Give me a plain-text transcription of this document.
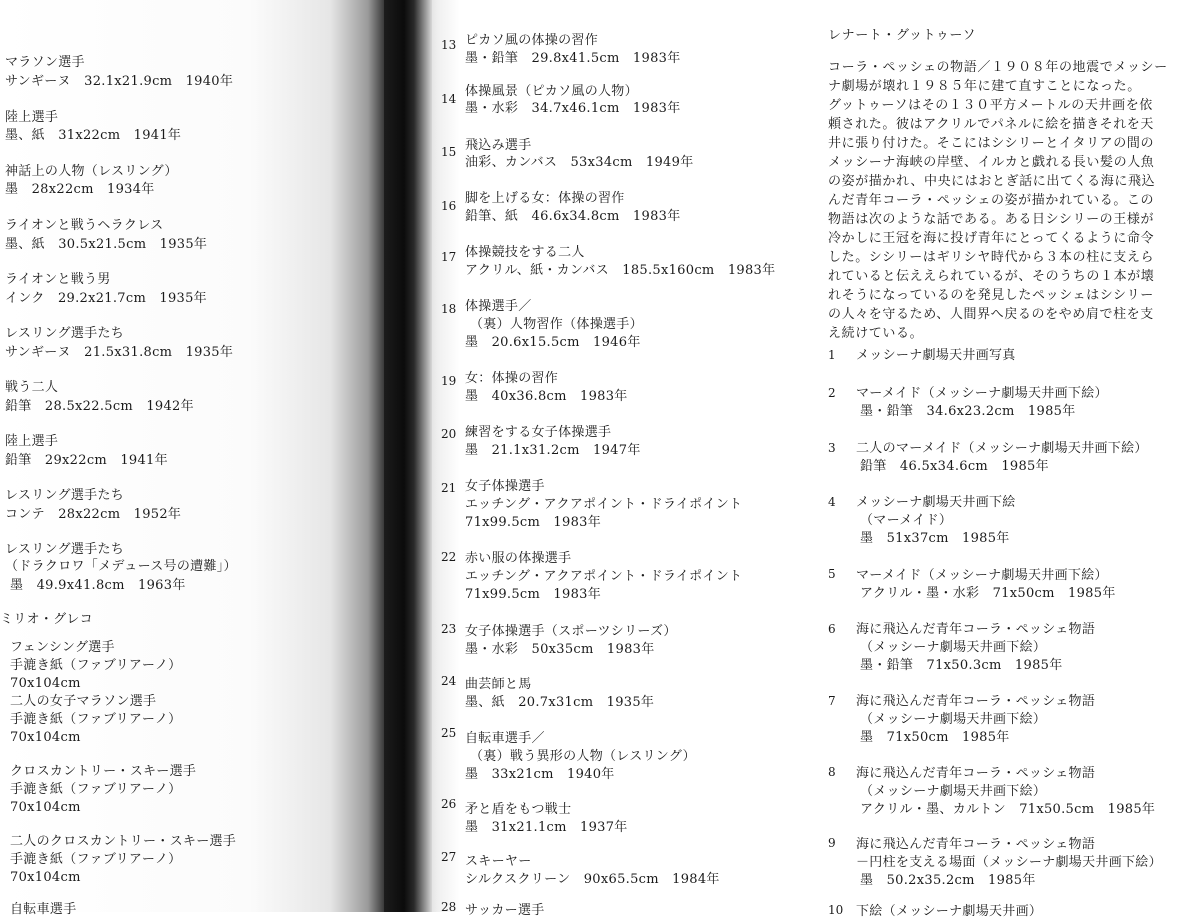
マラソン選手
サンギーヌ　32.1x21.9cm　1940年
陸上選手
墨、紙　31x22cm　1941年
神話上の人物（レスリング）
墨　28x22cm　1934年
ライオンと戦うヘラクレス
墨、紙　30.5x21.5cm　1935年
ライオンと戦う男
インク　29.2x21.7cm　1935年
レスリング選手たち
サンギーヌ　21.5x31.8cm　1935年
戦う二人
鉛筆　28.5x22.5cm　1942年
陸上選手
鉛筆　29x22cm　1941年
レスリング選手たち
コンテ　28x22cm　1952年
レスリング選手たち
（ドラクロワ「メデュース号の遭難」）
墨　49.9x41.8cm　1963年
ミリオ・グレコ
フェンシング選手
手漉き紙（ファブリアーノ）
70x104cm
二人の女子マラソン選手
手漉き紙（ファブリアーノ）
70x104cm
クロスカントリー・スキー選手
手漉き紙（ファブリアーノ）
70x104cm
二人のクロスカントリー・スキー選手
手漉き紙（ファブリアーノ）
70x104cm
自転車選手
13 ピカソ風の体操の習作
墨・鉛筆　29.8x41.5cm　1983年
14 体操風景（ピカソ風の人物）
墨・水彩　34.7x46.1cm　1983年
15 飛込み選手
油彩、カンバス　53x34cm　1949年
16 脚を上げる女：体操の習作
鉛筆、紙　46.6x34.8cm　1983年
17 体操競技をする二人
アクリル、紙・カンバス　185.5x160cm　1983年
18 体操選手／
（裏）人物習作（体操選手）
墨　20.6x15.5cm　1946年
19 女：体操の習作
墨　40x36.8cm　1983年
20 練習をする女子体操選手
墨　21.1x31.2cm　1947年
21 女子体操選手
エッチング・アクアポイント・ドライポイント
71x99.5cm　1983年
22 赤い服の体操選手
エッチング・アクアポイント・ドライポイント
71x99.5cm　1983年
23 女子体操選手（スポーツシリーズ）
墨・水彩　50x35cm　1983年
24 曲芸師と馬
墨、紙　20.7x31cm　1935年
25 自転車選手／
（裏）戦う異形の人物（レスリング）
墨　33x21cm　1940年
26 矛と盾をもつ戦士
墨　31x21.1cm　1937年
27 スキーヤー
シルクスクリーン　90x65.5cm　1984年
28 サッカー選手
レナート・グットゥーソ
コーラ・ペッシェの物語／１９０８年の地震でメッシー
ナ劇場が壊れ１９８５年に建て直すことになった。
グットゥーソはその１３０平方メートルの天井画を依
頼された。彼はアクリルでパネルに絵を描きそれを天
井に張り付けた。そこにはシシリーとイタリアの間の
メッシーナ海峡の岸壁、イルカと戯れる長い髪の人魚
の姿が描かれ、中央にはおとぎ話に出てくる海に飛込
んだ青年コーラ・ペッシェの姿が描かれている。この
物語は次のような話である。ある日シシリーの王様が
冷かしに王冠を海に投げ青年にとってくるように命令
した。シシリーはギリシヤ時代から３本の柱に支えら
れていると伝ええられているが、そのうちの１本が壊
れそうになっているのを発見したペッシェはシシリー
の人々を守るため、人間界へ戻るのをやめ肩で柱を支
え続けている。
1 メッシーナ劇場天井画写真
2 マーメイド（メッシーナ劇場天井画下絵）
墨・鉛筆　34.6x23.2cm　1985年
3 二人のマーメイド（メッシーナ劇場天井画下絵）
鉛筆　46.5x34.6cm　1985年
4 メッシーナ劇場天井画下絵
（マーメイド）
墨　51x37cm　1985年
5 マーメイド（メッシーナ劇場天井画下絵）
アクリル・墨・水彩　71x50cm　1985年
6 海に飛込んだ青年コーラ・ペッシェ物語
（メッシーナ劇場天井画下絵）
墨・鉛筆　71x50.3cm　1985年
7 海に飛込んだ青年コーラ・ペッシェ物語
（メッシーナ劇場天井画下絵）
墨　71x50cm　1985年
8 海に飛込んだ青年コーラ・ペッシェ物語
（メッシーナ劇場天井画下絵）
アクリル・墨、カルトン　71x50.5cm　1985年
9 海に飛込んだ青年コーラ・ペッシェ物語
－円柱を支える場面（メッシーナ劇場天井画下絵）
墨　50.2x35.2cm　1985年
10 下絵（メッシーナ劇場天井画）
